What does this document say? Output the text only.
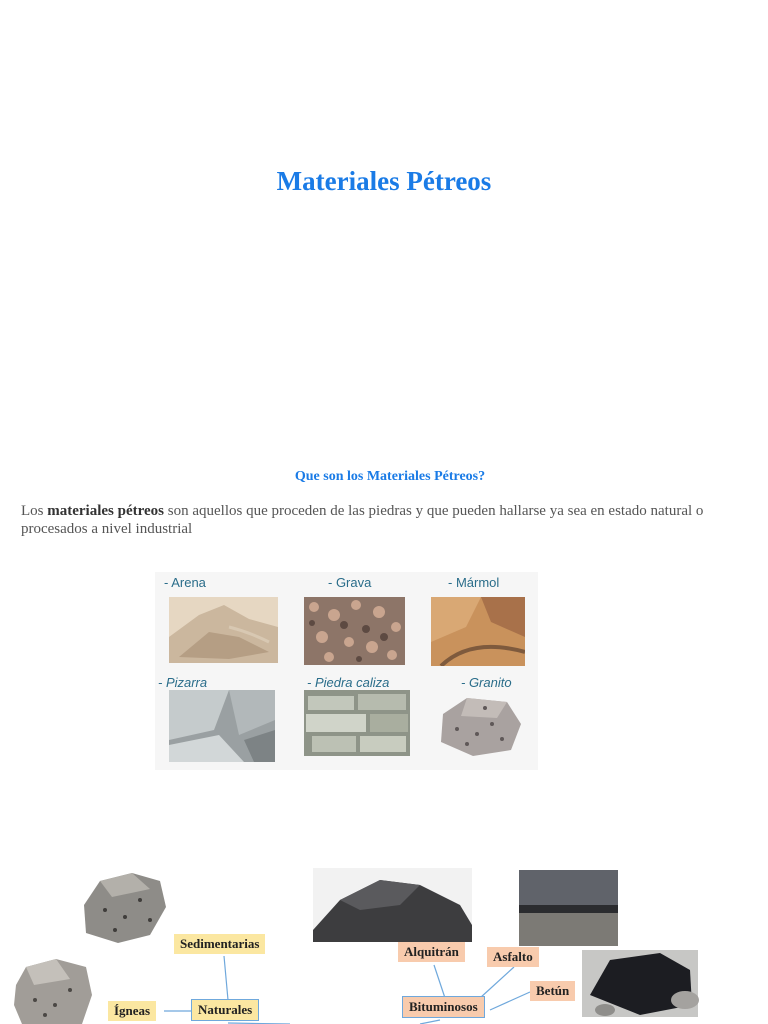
Materiales Pétreos
Que son los Materiales Pétreos?
Los materiales pétreos son aquellos que proceden de las piedras y que pueden hallarse ya sea en estado natural o procesados a nivel industrial
- Arena	- Grava	- Mármol
- Pizarra	- Piedra caliza	- Granito
Sedimentarias
Ígneas	Naturales
Alquitrán	Asfalto
Bituminosos
Betún
